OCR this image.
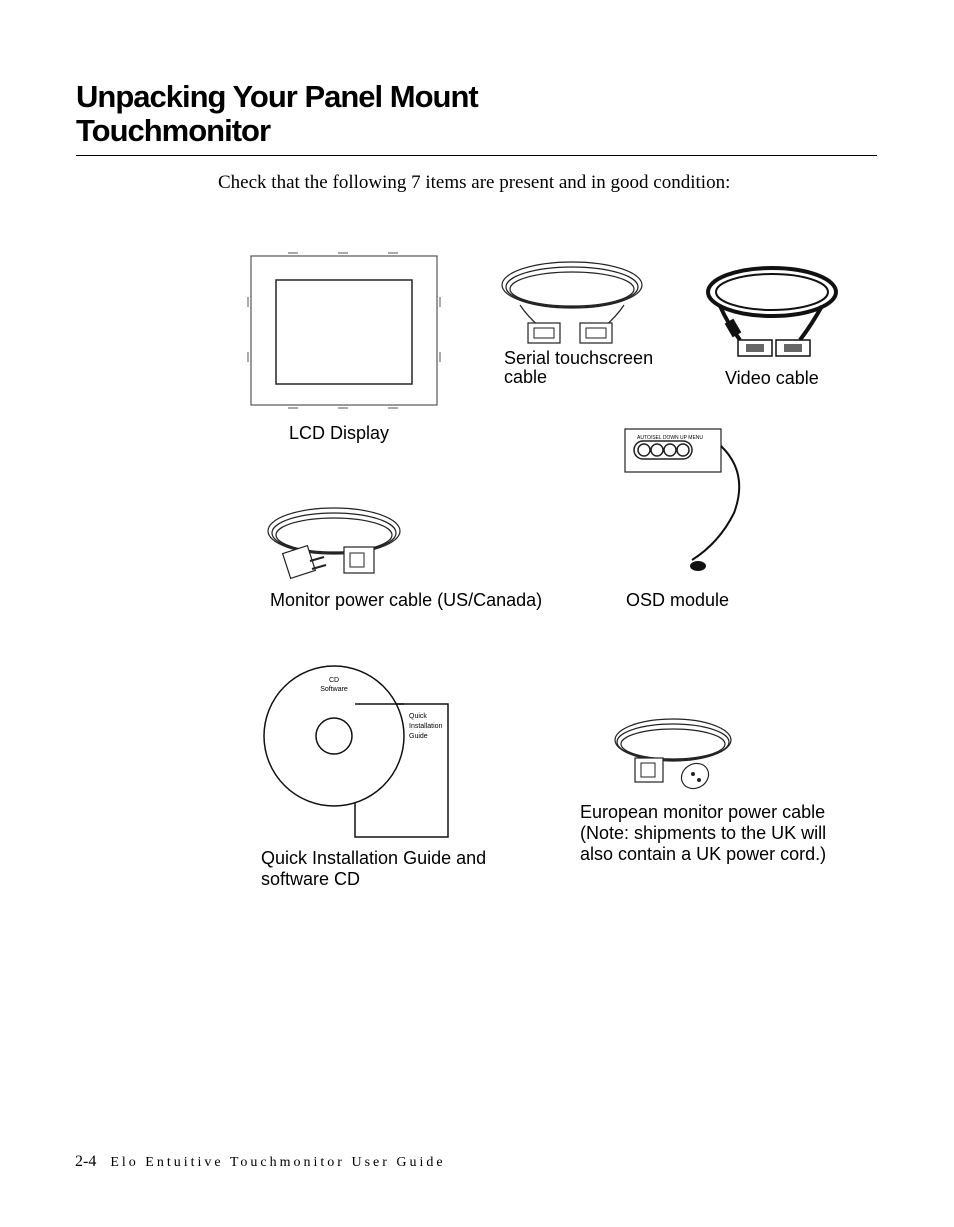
Unpacking Your Panel Mount
Touchmonitor
Check that the following 7 items are present and in good condition:
LCD Display
Serial touchscreen
cable	Video cable
AUTO/SEL DOWN UP MENU
OSD module
Monitor power cable (US/Canada)
CD
Software
Quick
Installation
Guide
Quick Installation Guide and
software CD
European monitor power cable
(Note: shipments to the UK will
also contain a UK power cord.)
2-4 Elo Entuitive Touchmonitor User Guide
